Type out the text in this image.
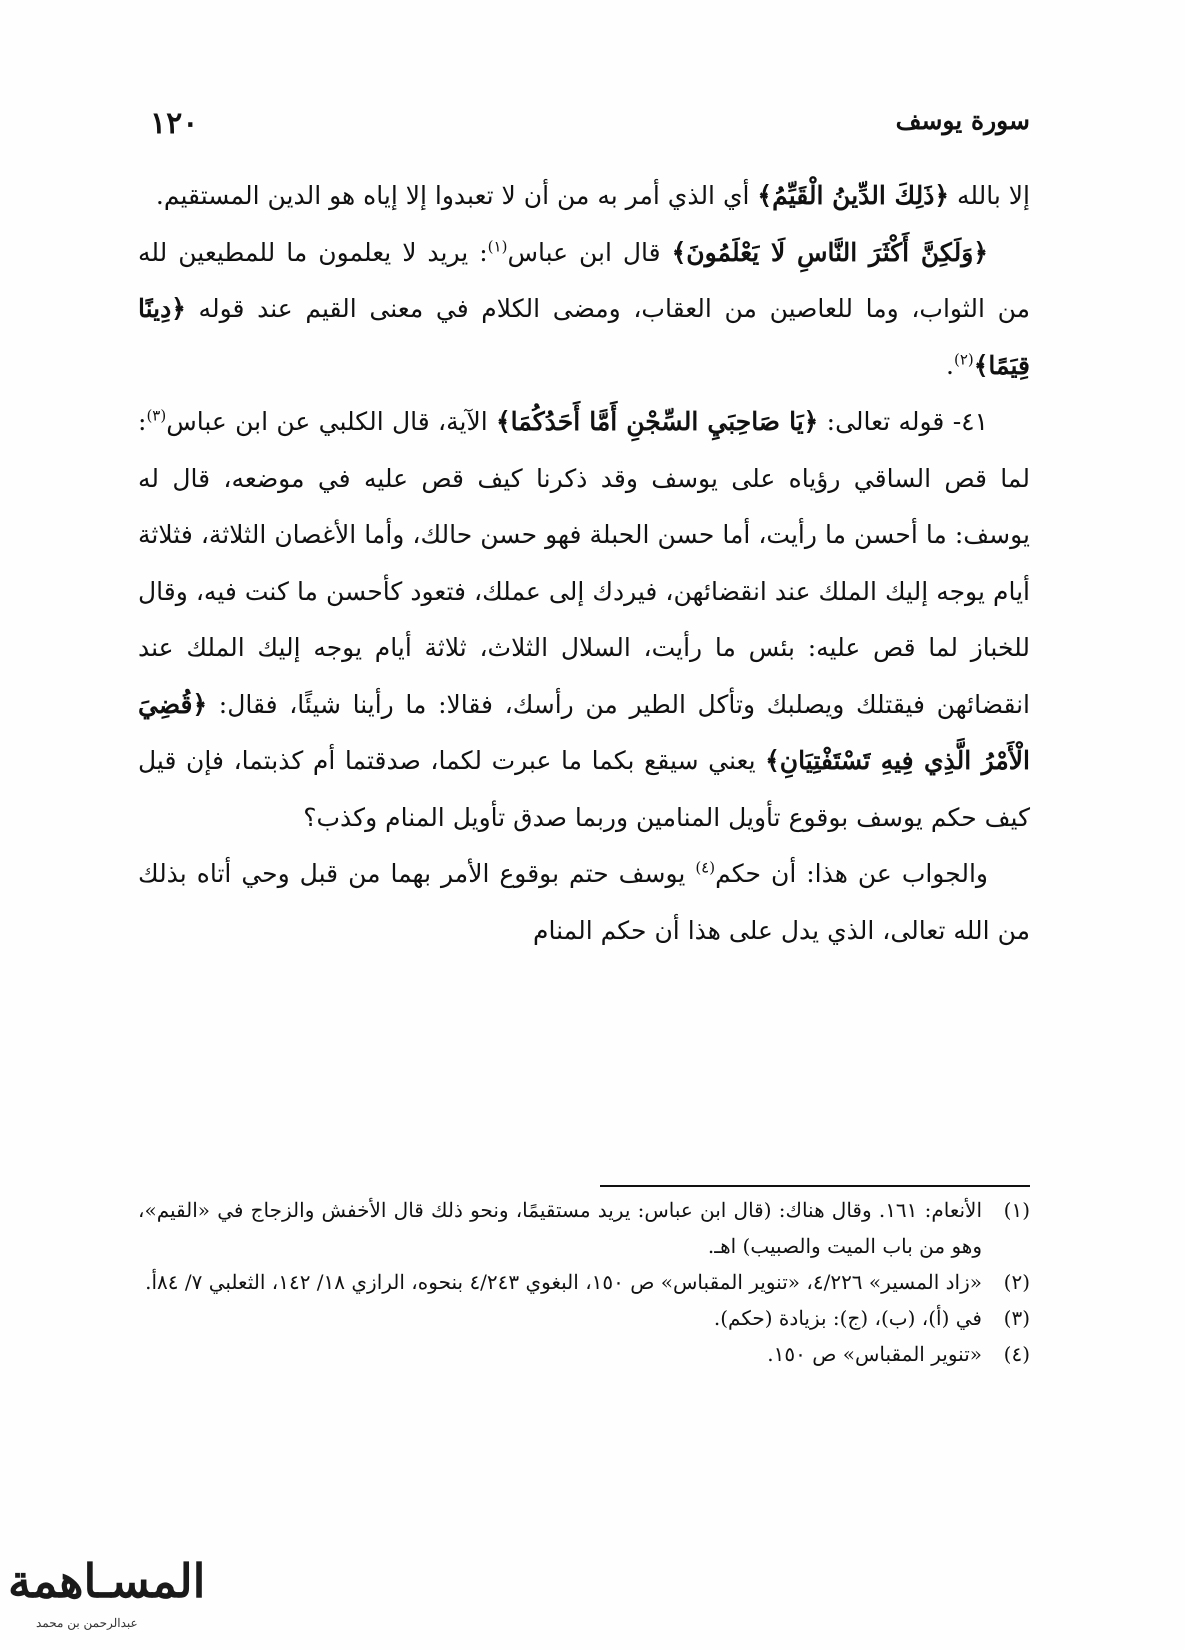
سورة يوسف
١٢٠

إلا بالله ﴿ذَلِكَ الدِّينُ الْقَيِّمُ﴾ أي الذي أمر به من أن لا تعبدوا إلا إياه هو الدين المستقيم.

﴿وَلَكِنَّ أَكْثَرَ النَّاسِ لَا يَعْلَمُونَ﴾ قال ابن عباس$^{(١)}$: يريد لا يعلمون ما للمطيعين لله من الثواب، وما للعاصين من العقاب، ومضى الكلام في معنى القيم عند قوله ﴿دِينًا قِيَمًا﴾$^{(٢)}$.

٤١- قوله تعالى: ﴿يَا صَاحِبَيِ السِّجْنِ أَمَّا أَحَدُكُمَا﴾ الآية، قال الكلبي عن ابن عباس$^{(٣)}$: لما قص الساقي رؤياه على يوسف وقد ذكرنا كيف قص عليه في موضعه، قال له يوسف: ما أحسن ما رأيت، أما حسن الحبلة فهو حسن حالك، وأما الأغصان الثلاثة، فثلاثة أيام يوجه إليك الملك عند انقضائهن، فيردك إلى عملك، فتعود كأحسن ما كنت فيه، وقال للخباز لما قص عليه: بئس ما رأيت، السلال الثلاث، ثلاثة أيام يوجه إليك الملك عند انقضائهن فيقتلك ويصلبك وتأكل الطير من رأسك، فقالا: ما رأينا شيئًا، فقال: ﴿قُضِيَ الْأَمْرُ الَّذِي فِيهِ تَسْتَفْتِيَانِ﴾ يعني سيقع بكما ما عبرت لكما، صدقتما أم كذبتما، فإن قيل كيف حكم يوسف بوقوع تأويل المنامين وربما صدق تأويل المنام وكذب؟

والجواب عن هذا: أن حكم$^{(٤)}$ يوسف حتم بوقوع الأمر بهما من قبل وحي أتاه بذلك من الله تعالى، الذي يدل على هذا أن حكم المنام

(١)
الأنعام: ١٦١. وقال هناك: (قال ابن عباس: يريد مستقيمًا، ونحو ذلك قال الأخفش والزجاج في «القيم»، وهو من باب الميت والصبيب) اهـ.
(٢)
«زاد المسير» ٤/٢٢٦، «تنوير المقباس» ص ١٥٠، البغوي ٤/٢٤٣ بنحوه، الرازي ١٨/ ١٤٢، الثعلبي ٧/ ٨٤أ.
(٣)
في (أ)، (ب)، (ج): بزيادة (حكم).
(٤)
«تنوير المقباس» ص ١٥٠.
المسـاهمة
عبدالرحمن بن محمد
